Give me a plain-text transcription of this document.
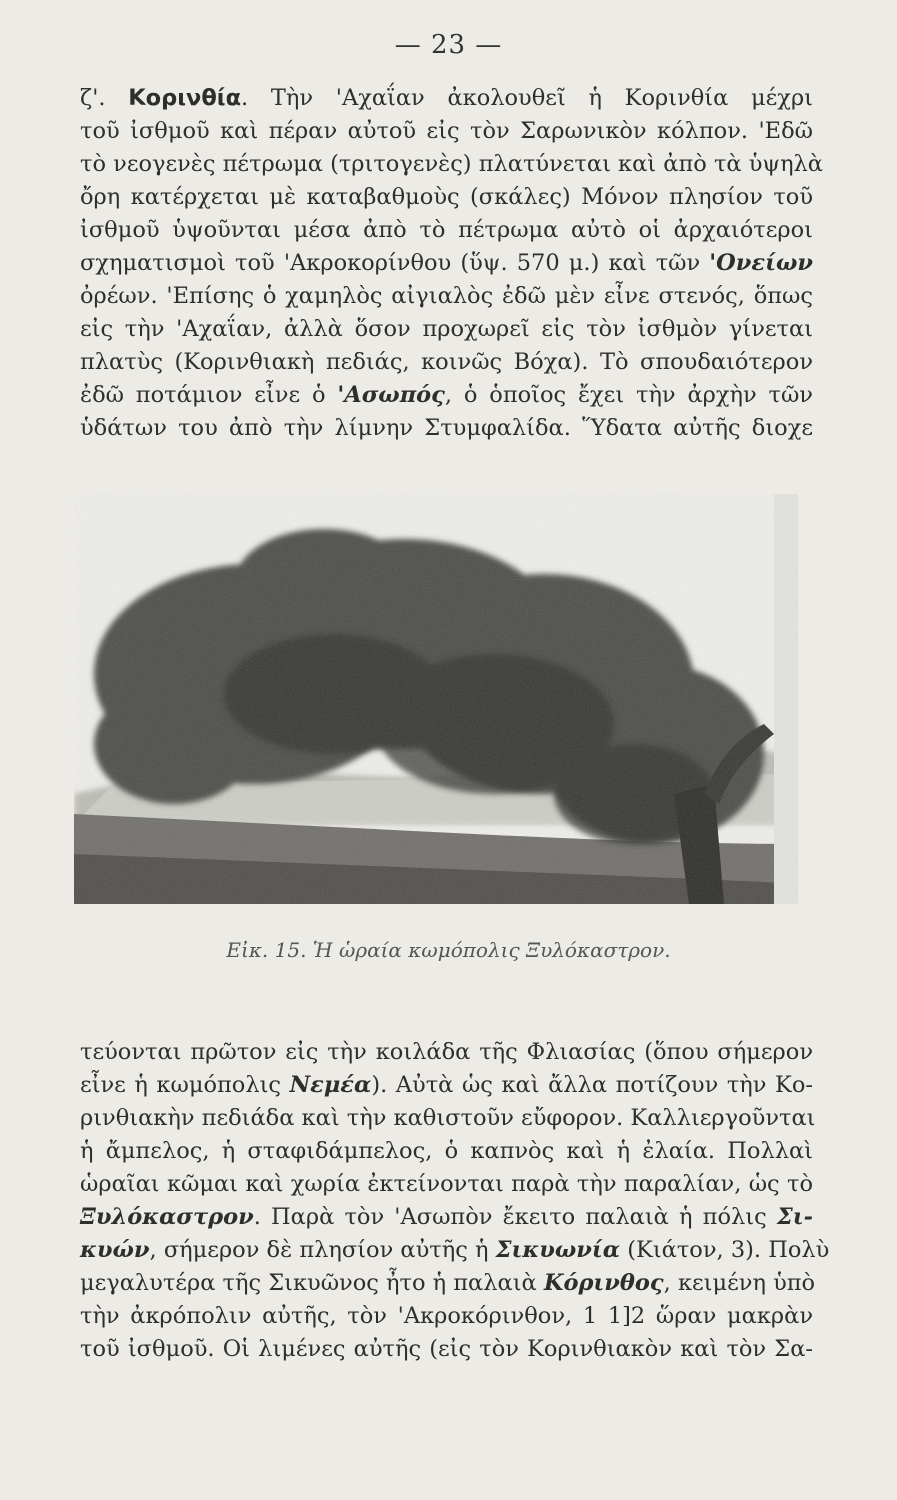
— 23 —
ζ'. Κορινθία. Τὴν 'Αχαΐαν ἀκολουθεῖ ἡ Κορινθία μέχρι
τοῦ ἰσθμοῦ καὶ πέραν αὐτοῦ εἰς τὸν Σαρωνικὸν κόλπον. 'Εδῶ
τὸ νεογενὲς πέτρωμα (τριτογενὲς) πλατύνεται καὶ ἀπὸ τὰ ὑψηλὰ
ὄρη κατέρχεται μὲ καταβαθμοὺς (σκάλες) Μόνον πλησίον τοῦ
ἰσθμοῦ ὑψοῦνται μέσα ἀπὸ τὸ πέτρωμα αὐτὸ οἱ ἀρχαιότεροι
σχηματισμοὶ τοῦ 'Ακροκορίνθου (ὕψ. 570 μ.) καὶ τῶν 'Ονείων
ὀρέων. 'Επίσης ὁ χαμηλὸς αἰγιαλὸς ἐδῶ μὲν εἶνε στενός, ὅπως
εἰς τὴν 'Αχαΐαν, ἀλλὰ ὅσον προχωρεῖ εἰς τὸν ἰσθμὸν γίνεται
πλατὺς (Κορινθιακὴ πεδιάς, κοινῶς Βόχα). Τὸ σπουδαιότερον
ἐδῶ ποτάμιον εἶνε ὁ 'Ασωπός, ὁ ὁποῖος ἔχει τὴν ἀρχὴν τῶν
ὑδάτων του ἀπὸ τὴν λίμνην Στυμφαλίδα. Ὕδατα αὐτῆς διοχε
Εἰκ. 15. Ἡ ὡραία κωμόπολις Ξυλόκαστρον.
τεύονται πρῶτον εἰς τὴν κοιλάδα τῆς Φλιασίας (ὅπου σήμερον
εἶνε ἡ κωμόπολις Νεμέα). Αὐτὰ ὡς καὶ ἄλλα ποτίζουν τὴν Κο-
ρινθιακὴν πεδιάδα καὶ τὴν καθιστοῦν εὔφορον. Καλλιεργοῦνται
ἡ ἄμπελος, ἡ σταφιδάμπελος, ὁ καπνὸς καὶ ἡ ἐλαία. Πολλαὶ
ὡραῖαι κῶμαι καὶ χωρία ἐκτείνονται παρὰ τὴν παραλίαν, ὡς τὸ
Ξυλόκαστρον. Παρὰ τὸν 'Ασωπὸν ἔκειτο παλαιὰ ἡ πόλις Σι-
κυών, σήμερον δὲ πλησίον αὐτῆς ἡ Σικυωνία (Κιάτον, 3). Πολὺ
μεγαλυτέρα τῆς Σικυῶνος ἦτο ἡ παλαιὰ Κόρινθος, κειμένη ὑπὸ
τὴν ἀκρόπολιν αὐτῆς, τὸν 'Ακροκόρινθον, 1 1]2 ὥραν μακρὰν
τοῦ ἰσθμοῦ. Οἱ λιμένες αὐτῆς (εἰς τὸν Κορινθιακὸν καὶ τὸν Σα-
